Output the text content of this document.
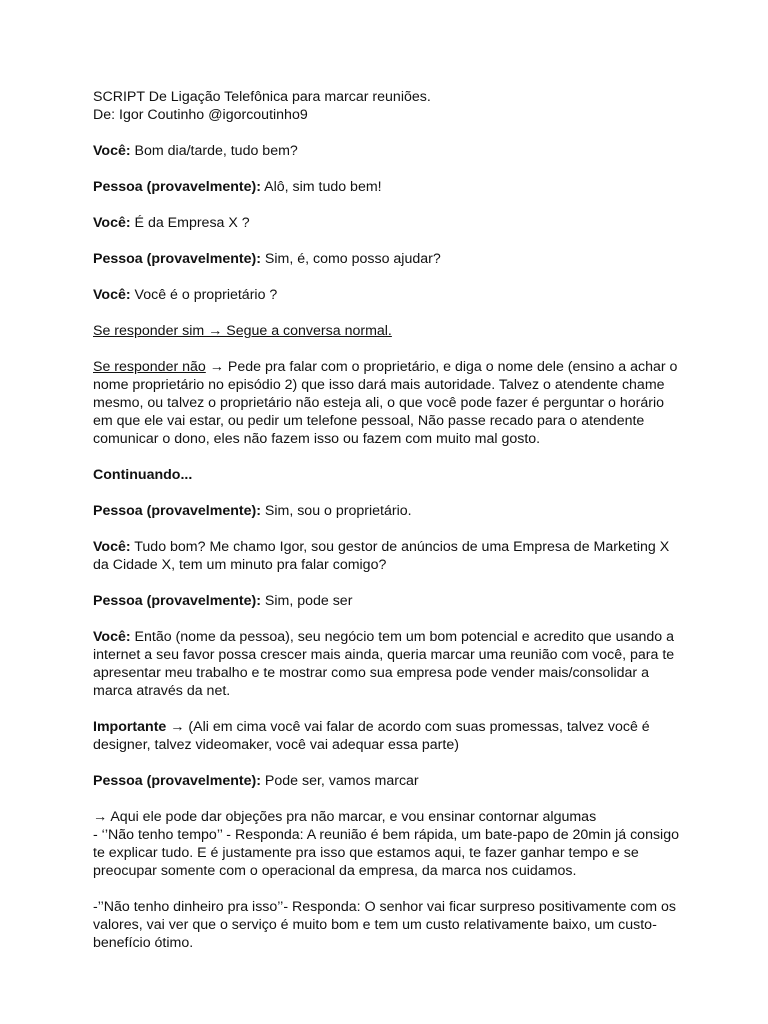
SCRIPT De Ligação Telefônica para marcar reuniões.
De: Igor Coutinho @igorcoutinho9
Você: Bom dia/tarde, tudo bem?
Pessoa (provavelmente): Alô, sim tudo bem!
Você: É da Empresa X ?
Pessoa (provavelmente): Sim, é, como posso ajudar?
Você: Você é o proprietário ?
Se responder sim → Segue a conversa normal.
Se responder não → Pede pra falar com o proprietário, e diga o nome dele (ensino a achar o nome proprietário no episódio 2) que isso dará mais autoridade. Talvez o atendente chame mesmo, ou talvez o proprietário não esteja ali, o que você pode fazer é perguntar o horário em que ele vai estar, ou pedir um telefone pessoal, Não passe recado para o atendente comunicar o dono, eles não fazem isso ou fazem com muito mal gosto.
Continuando...
Pessoa (provavelmente): Sim, sou o proprietário.
Você: Tudo bom? Me chamo Igor, sou gestor de anúncios de uma Empresa de Marketing X da Cidade X, tem um minuto pra falar comigo?
Pessoa (provavelmente): Sim, pode ser
Você: Então (nome da pessoa), seu negócio tem um bom potencial e acredito que usando a internet a seu favor possa crescer mais ainda, queria marcar uma reunião com você, para te apresentar meu trabalho e te mostrar como sua empresa pode vender mais/consolidar a marca através da net.
Importante → (Ali em cima você vai falar de acordo com suas promessas, talvez você é designer, talvez videomaker, você vai adequar essa parte)
Pessoa (provavelmente): Pode ser, vamos marcar
→ Aqui ele pode dar objeções pra não marcar, e vou ensinar contornar algumas
- ‘’Não tenho tempo’’ - Responda: A reunião é bem rápida, um bate-papo de 20min já consigo te explicar tudo. E é justamente pra isso que estamos aqui, te fazer ganhar tempo e se preocupar somente com o operacional da empresa, da marca nos cuidamos.
-’’Não tenho dinheiro pra isso’’- Responda: O senhor vai ficar surpreso positivamente com os valores, vai ver que o serviço é muito bom e tem um custo relativamente baixo, um custo-benefício ótimo.
